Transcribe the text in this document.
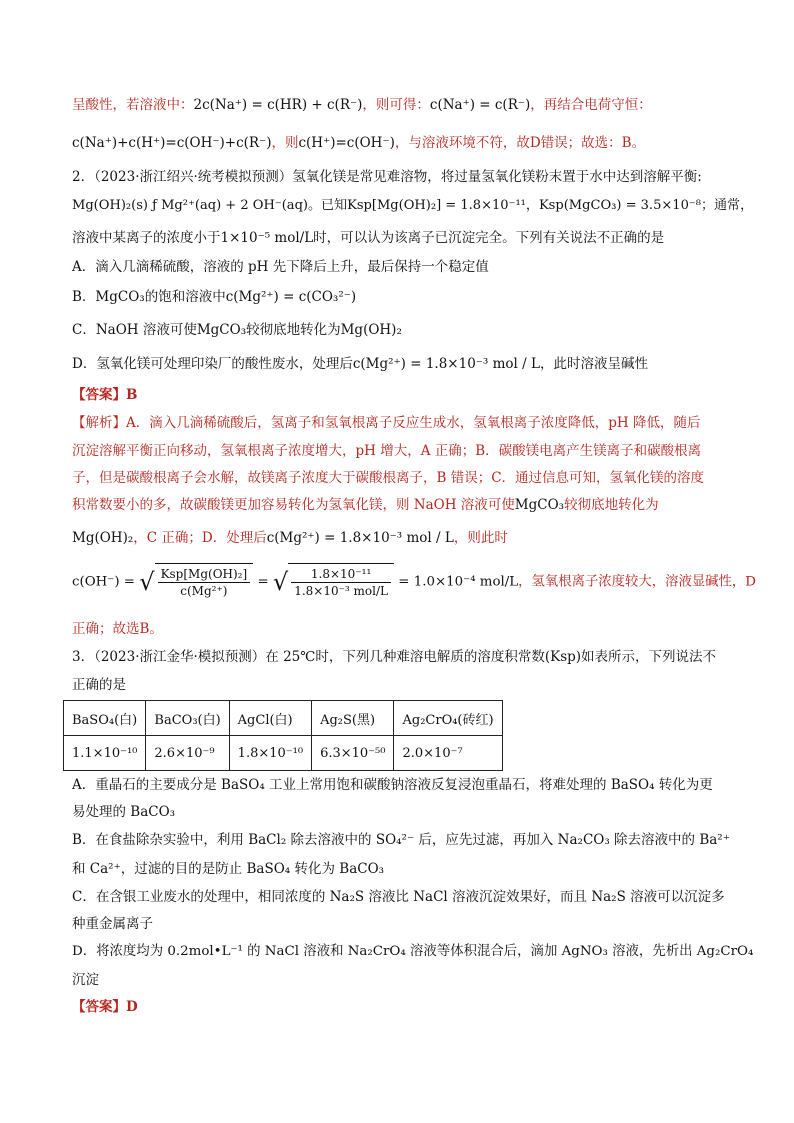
呈酸性，若溶液中：2c(Na⁺) = c(HR) + c(R⁻)，则可得：c(Na⁺) = c(R⁻)，再结合电荷守恒：
c(Na⁺)+c(H⁺)=c(OH⁻)+c(R⁻)，则c(H⁺)=c(OH⁻)，与溶液环境不符，故D错误；故选：B。
2．（2023·浙江绍兴·统考模拟预测）氢氧化镁是常见难溶物，将过量氢氧化镁粉末置于水中达到溶解平衡:
Mg(OH)₂(s) ƒ Mg²⁺(aq) + 2 OH⁻(aq)。已知Ksp[Mg(OH)₂] = 1.8×10⁻¹¹，Ksp(MgCO₃) = 3.5×10⁻⁸；通常，
溶液中某离子的浓度小于1×10⁻⁵ mol/L时，可以认为该离子已沉淀完全。下列有关说法不正确的是
A．滴入几滴稀硫酸，溶液的 pH 先下降后上升，最后保持一个稳定值
B．MgCO₃的饱和溶液中c(Mg²⁺) = c(CO₃²⁻)
C．NaOH 溶液可使MgCO₃较彻底地转化为Mg(OH)₂
D．氢氧化镁可处理印染厂的酸性废水，处理后c(Mg²⁺) = 1.8×10⁻³ mol / L，此时溶液呈碱性
【答案】B
【解析】A．滴入几滴稀硫酸后，氢离子和氢氧根离子反应生成水，氢氧根离子浓度降低，pH 降低，随后
沉淀溶解平衡正向移动，氢氧根离子浓度增大，pH 增大，A 正确；B．碳酸镁电离产生镁离子和碳酸根离
子，但是碳酸根离子会水解，故镁离子浓度大于碳酸根离子，B 错误；C．通过信息可知，氢氧化镁的溶度
积常数要小的多，故碳酸镁更加容易转化为氢氧化镁，则 NaOH 溶液可使MgCO₃较彻底地转化为
Mg(OH)₂，C 正确；D．处理后c(Mg²⁺) = 1.8×10⁻³ mol / L，则此时
c(OH⁻) = √ $\frac{\text{Ksp[Mg(OH)₂]}}{\text{c(Mg²⁺)}}$ = √ $\frac{\text{1.8×10⁻¹¹}}{\text{1.8×10⁻³ mol/L}} = 1.0\times 10^{-4}$ mol/L，氢氧根离子浓度较大，溶液显碱性，D
正确；故选B。
3．（2023·浙江金华·模拟预测）在 25℃时，下列几种难溶电解质的溶度积常数(Ksp)如表所示，下列说法不
正确的是
BaSO₄(白)	BaCO₃(白)	AgCl(白)	Ag₂S(黑)	Ag₂CrO₄(砖红)
1.1×10⁻¹⁰	2.6×10⁻⁹	1.8×10⁻¹⁰	6.3×10⁻⁵⁰	2.0×10⁻⁷
A．重晶石的主要成分是 BaSO₄ 工业上常用饱和碳酸钠溶液反复浸泡重晶石，将难处理的 BaSO₄ 转化为更
易处理的 BaCO₃
B．在食盐除杂实验中，利用 BaCl₂ 除去溶液中的 SO₄²⁻ 后，应先过滤，再加入 Na₂CO₃ 除去溶液中的 Ba²⁺
和 Ca²⁺，过滤的目的是防止 BaSO₄ 转化为 BaCO₃
C．在含银工业废水的处理中，相同浓度的 Na₂S 溶液比 NaCl 溶液沉淀效果好，而且 Na₂S 溶液可以沉淀多
种重金属离子
D．将浓度均为 0.2mol•L⁻¹ 的 NaCl 溶液和 Na₂CrO₄ 溶液等体积混合后，滴加 AgNO₃ 溶液，先析出 Ag₂CrO₄
沉淀
【答案】D
